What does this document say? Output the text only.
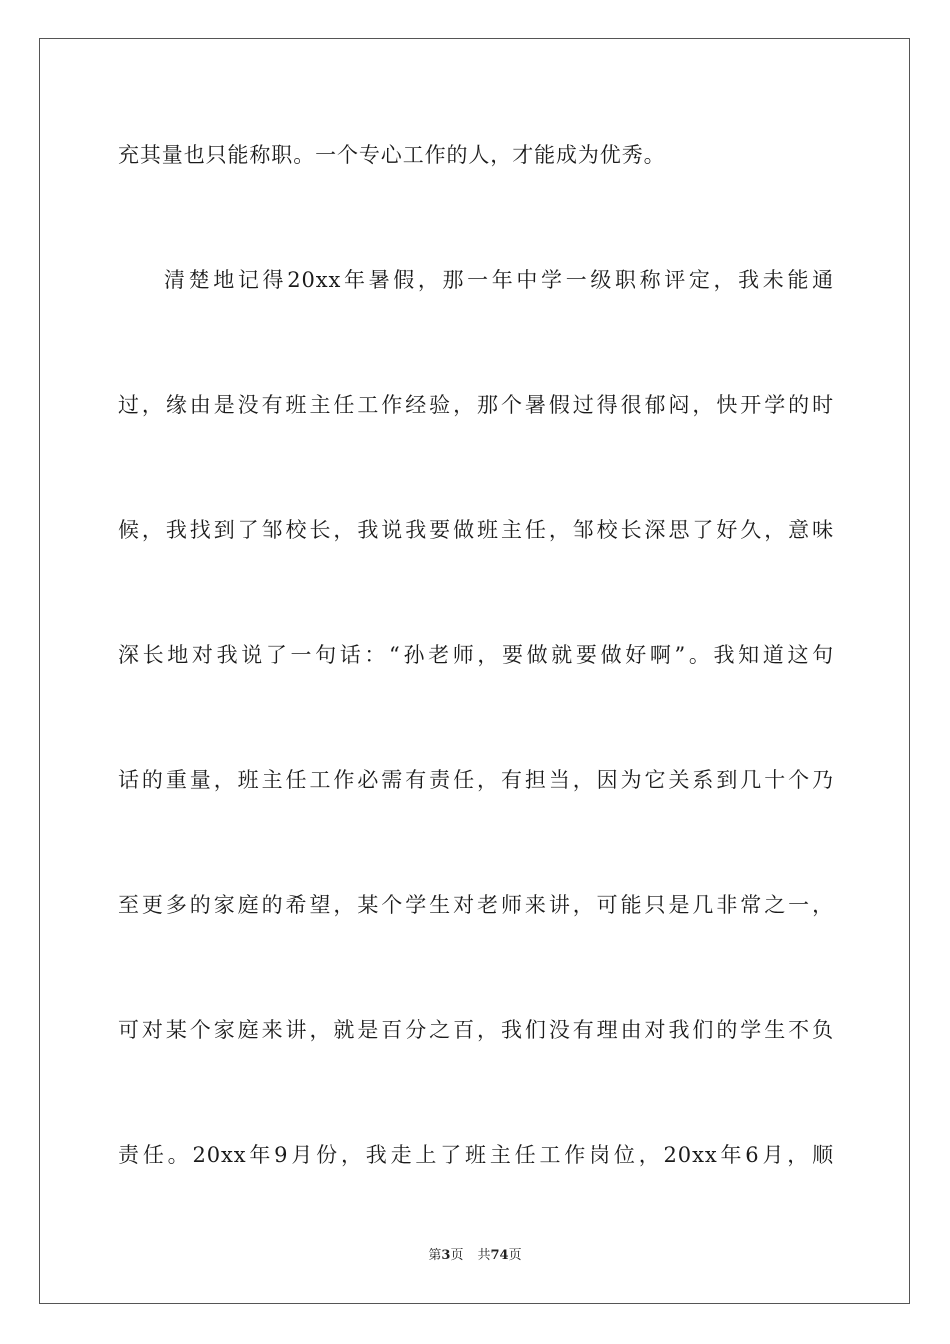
充其量也只能称职。一个专心工作的人，才能成为优秀。

清楚地记得20xx年暑假，那一年中学一级职称评定，我未能通

过，缘由是没有班主任工作经验，那个暑假过得很郁闷，快开学的时

候，我找到了邹校长，我说我要做班主任，邹校长深思了好久，意味

深长地对我说了一句话：“孙老师，要做就要做好啊”。我知道这句

话的重量，班主任工作必需有责任，有担当，因为它关系到几十个乃

至更多的家庭的希望，某个学生对老师来讲，可能只是几非常之一，

可对某个家庭来讲，就是百分之百，我们没有理由对我们的学生不负

责任。20xx年9月份，我走上了班主任工作岗位，20xx年6月，顺

第3页 共74页
